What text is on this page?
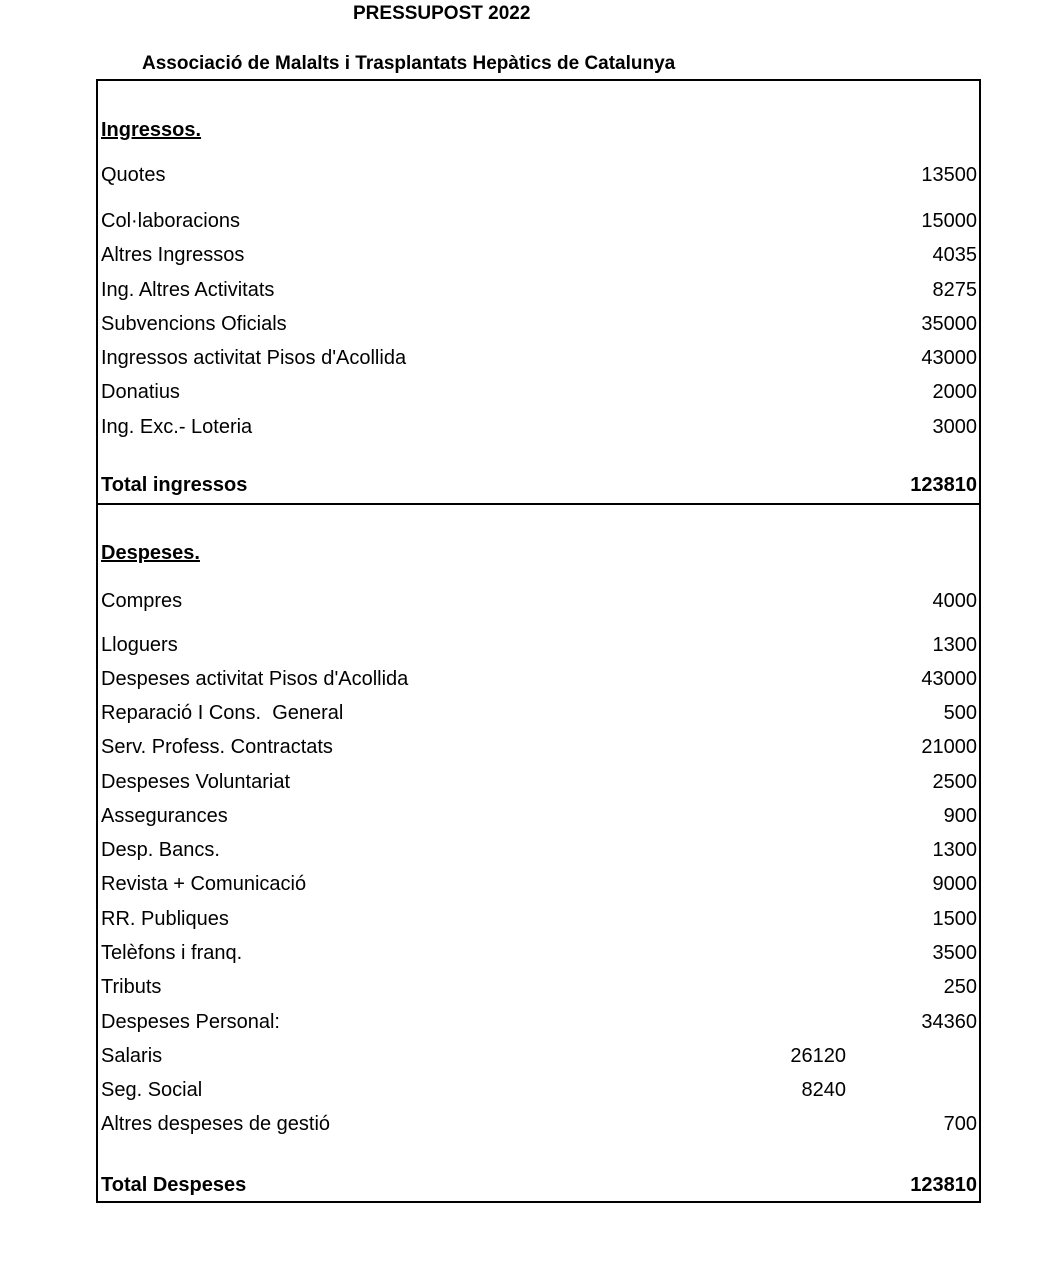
PRESSUPOST 2022
Associació de Malalts i Trasplantats Hepàtics de Catalunya
Ingressos.
Quotes	13500
Col·laboracions	15000
Altres Ingressos	4035
Ing. Altres Activitats	8275
Subvencions Oficials	35000
Ingressos activitat Pisos d'Acollida	43000
Donatius	2000
Ing. Exc.- Loteria	3000
Total ingressos	123810
Despeses.
Compres	4000
Lloguers	1300
Despeses activitat Pisos d'Acollida	43000
Reparació I Cons.  General	500
Serv. Profess. Contractats	21000
Despeses Voluntariat	2500
Assegurances	900
Desp. Bancs.	1300
Revista + Comunicació	9000
RR. Publiques	1500
Telèfons i franq.	3500
Tributs	250
Despeses Personal:	34360
Salaris	26120
Seg. Social	8240
Altres despeses de gestió	700
Total Despeses	123810
